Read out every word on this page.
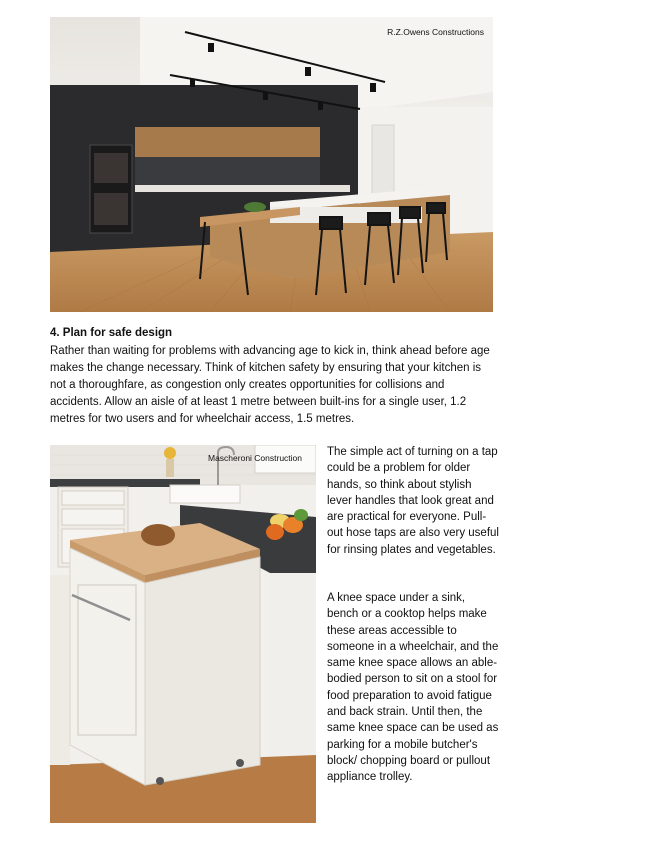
R.Z.Owens Constructions
4. Plan for safe design

Rather than waiting for problems with advancing age to kick in, think ahead before age makes the change necessary. Think of kitchen safety by ensuring that your kitchen is not a thoroughfare, as congestion only creates opportunities for collisions and accidents. Allow an aisle of at least 1 metre between built-ins for a single user, 1.2 metres for two users and for wheelchair access, 1.5 metres.

Mascheroni Construction The simple act of turning on a tap could be a problem for older hands, so think about stylish lever handles that look great and are practical for everyone. Pull-out hose taps are also very useful for rinsing plates and vegetables.

A knee space under a sink, bench or a cooktop helps make these areas accessible to someone in a wheelchair, and the same knee space allows an able-bodied person to sit on a stool for food preparation to avoid fatigue and back strain. Until then, the same knee space can be used as parking for a mobile butcher's block/ chopping board or pullout appliance trolley.
